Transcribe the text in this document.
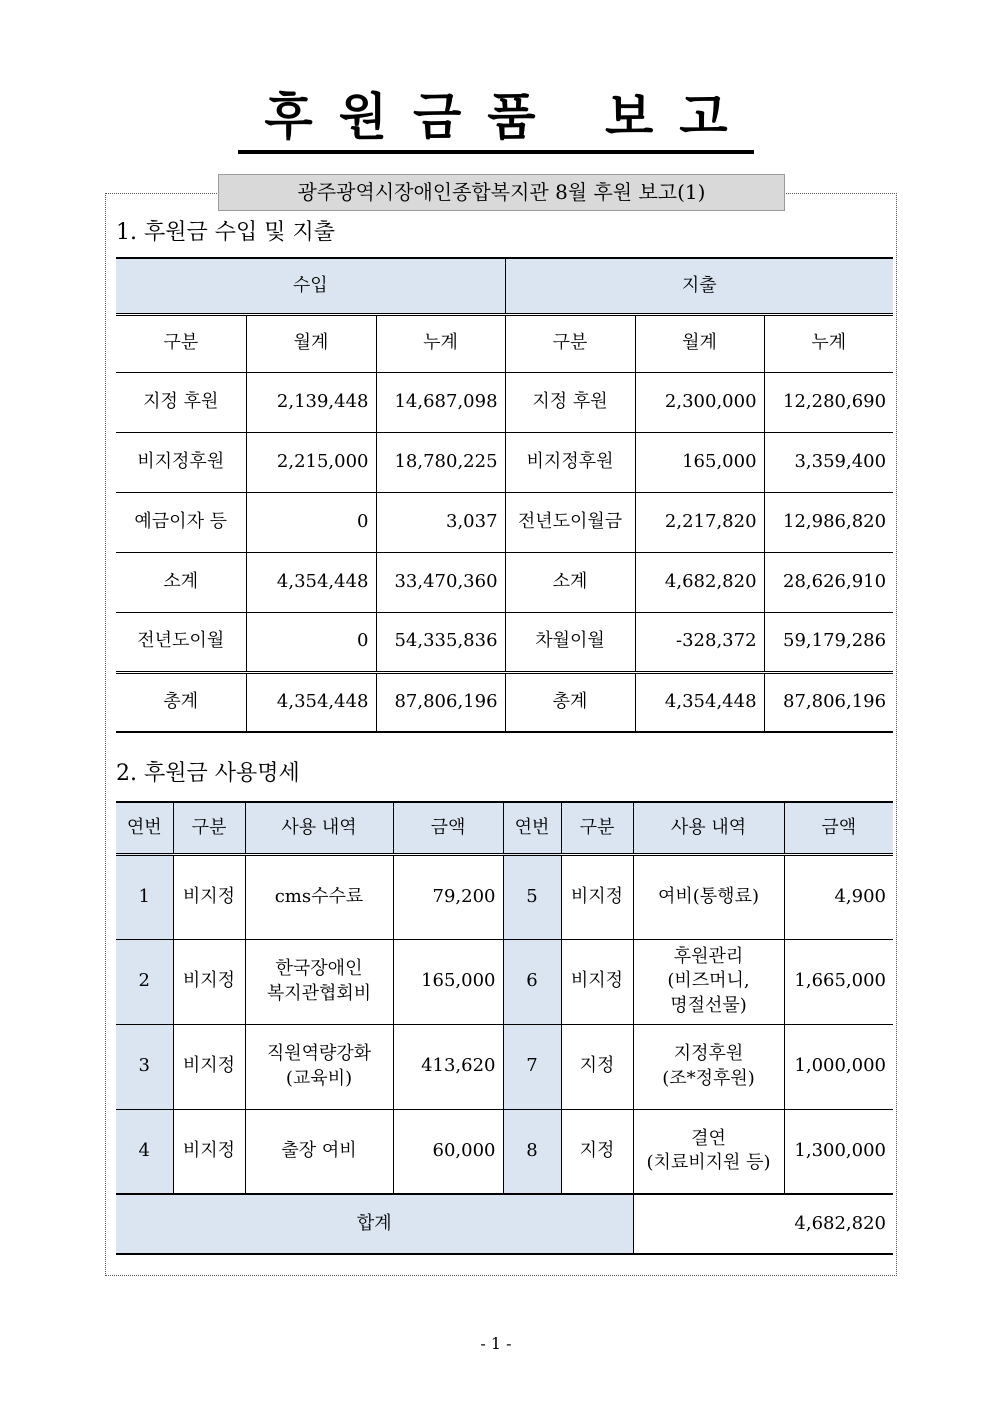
후원금품 보고
광주광역시장애인종합복지관 8월 후원 보고(1)
1. 후원금 수입 및 지출
수입			지출		
구분	월계	누계	구분	월계	누계
지정 후원	2,139,448	14,687,098	지정 후원	2,300,000	12,280,690
비지정후원	2,215,000	18,780,225	비지정후원	165,000	3,359,400
예금이자 등	0	3,037	전년도이월금	2,217,820	12,986,820
소계	4,354,448	33,470,360	소계	4,682,820	28,626,910
전년도이월	0	54,335,836	차월이월	-328,372	59,179,286
총계	4,354,448	87,806,196	총계	4,354,448	87,806,196
2. 후원금 사용명세
연번	구분	사용 내역	금액	연번	구분	사용 내역	금액
1	비지정	cms수수료	79,200	5	비지정	여비(통행료)	4,900
2	비지정	한국장애인
복지관협회비	165,000	6	비지정	후원관리
(비즈머니,
명절선물)	1,665,000
3	비지정	직원역량강화
(교육비)	413,620	7	지정	지정후원
(조*정후원)	1,000,000
4	비지정	출장 여비	60,000	8	지정	결연
(치료비지원 등)	1,300,000
합계						4,682,820	
- 1 -
